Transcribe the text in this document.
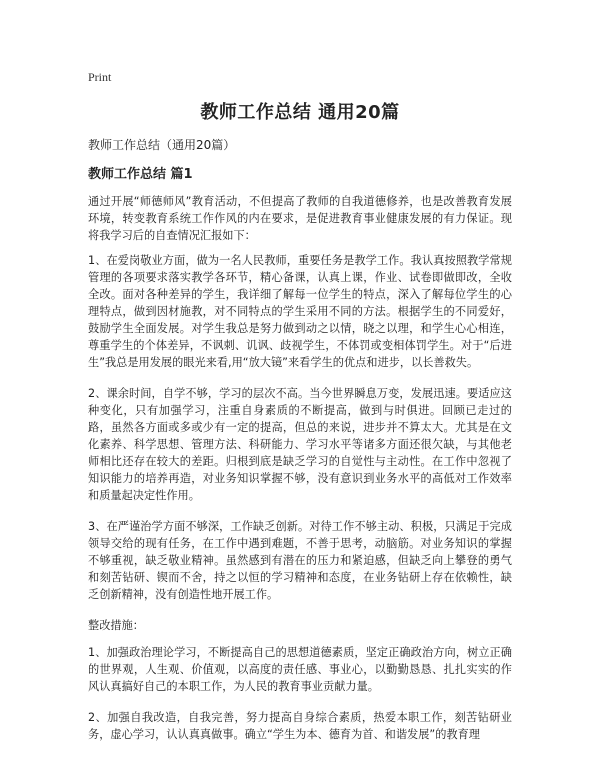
Print
教师工作总结 通用20篇
教师工作总结（通用20篇）
教师工作总结 篇1

通过开展“师德师风”教育活动，不但提高了教师的自我道德修养，也是改善教育发展环境，转变教育系统工作作风的内在要求，是促进教育事业健康发展的有力保证。现将我学习后的自查情况汇报如下：

1、在爱岗敬业方面，做为一名人民教师，重要任务是教学工作。我认真按照教学常规管理的各项要求落实教学各环节，精心备课，认真上课，作业、试卷即做即改，全收全改。面对各种差异的学生，我详细了解每一位学生的特点，深入了解每位学生的心理特点，做到因材施教，对不同特点的学生采用不同的方法。根据学生的不同爱好，鼓励学生全面发展。对学生我总是努力做到动之以情，晓之以理，和学生心心相连，尊重学生的个体差异，不讽刺、讥讽、歧视学生，不体罚或变相体罚学生。对于“后进生”我总是用发展的眼光来看,用“放大镜”来看学生的优点和进步，以长善救失。

2、课余时间，自学不够，学习的层次不高。当今世界瞬息万变，发展迅速。要适应这种变化，只有加强学习，注重自身素质的不断提高，做到与时俱进。回顾已走过的路，虽然各方面或多或少有一定的提高，但总的来说，进步并不算太大。尤其是在文化素养、科学思想、管理方法、科研能力、学习水平等诸多方面还很欠缺，与其他老师相比还存在较大的差距。归根到底是缺乏学习的自觉性与主动性。在工作中忽视了知识能力的培养再造，对业务知识掌握不够，没有意识到业务水平的高低对工作效率和质量起决定性作用。

3、在严谨治学方面不够深，工作缺乏创新。对待工作不够主动、积极，只满足于完成领导交给的现有任务，在工作中遇到难题，不善于思考，动脑筋。对业务知识的掌握不够重视，缺乏敬业精神。虽然感到有潜在的压力和紧迫感，但缺乏向上攀登的勇气和刻苦钻研、锲而不舍，持之以恒的学习精神和态度，在业务钻研上存在依赖性，缺乏创新精神，没有创造性地开展工作。

整改措施：

1、加强政治理论学习，不断提高自己的思想道德素质，坚定正确政治方向，树立正确的世界观，人生观、价值观，以高度的责任感、事业心，以勤勤恳恳、扎扎实实的作风认真搞好自己的本职工作，为人民的教育事业贡献力量。

2、加强自我改造，自我完善，努力提高自身综合素质，热爱本职工作，刻苦钻研业务，虚心学习，认认真真做事。确立“学生为本、德育为首、和谐发展”的教育理
